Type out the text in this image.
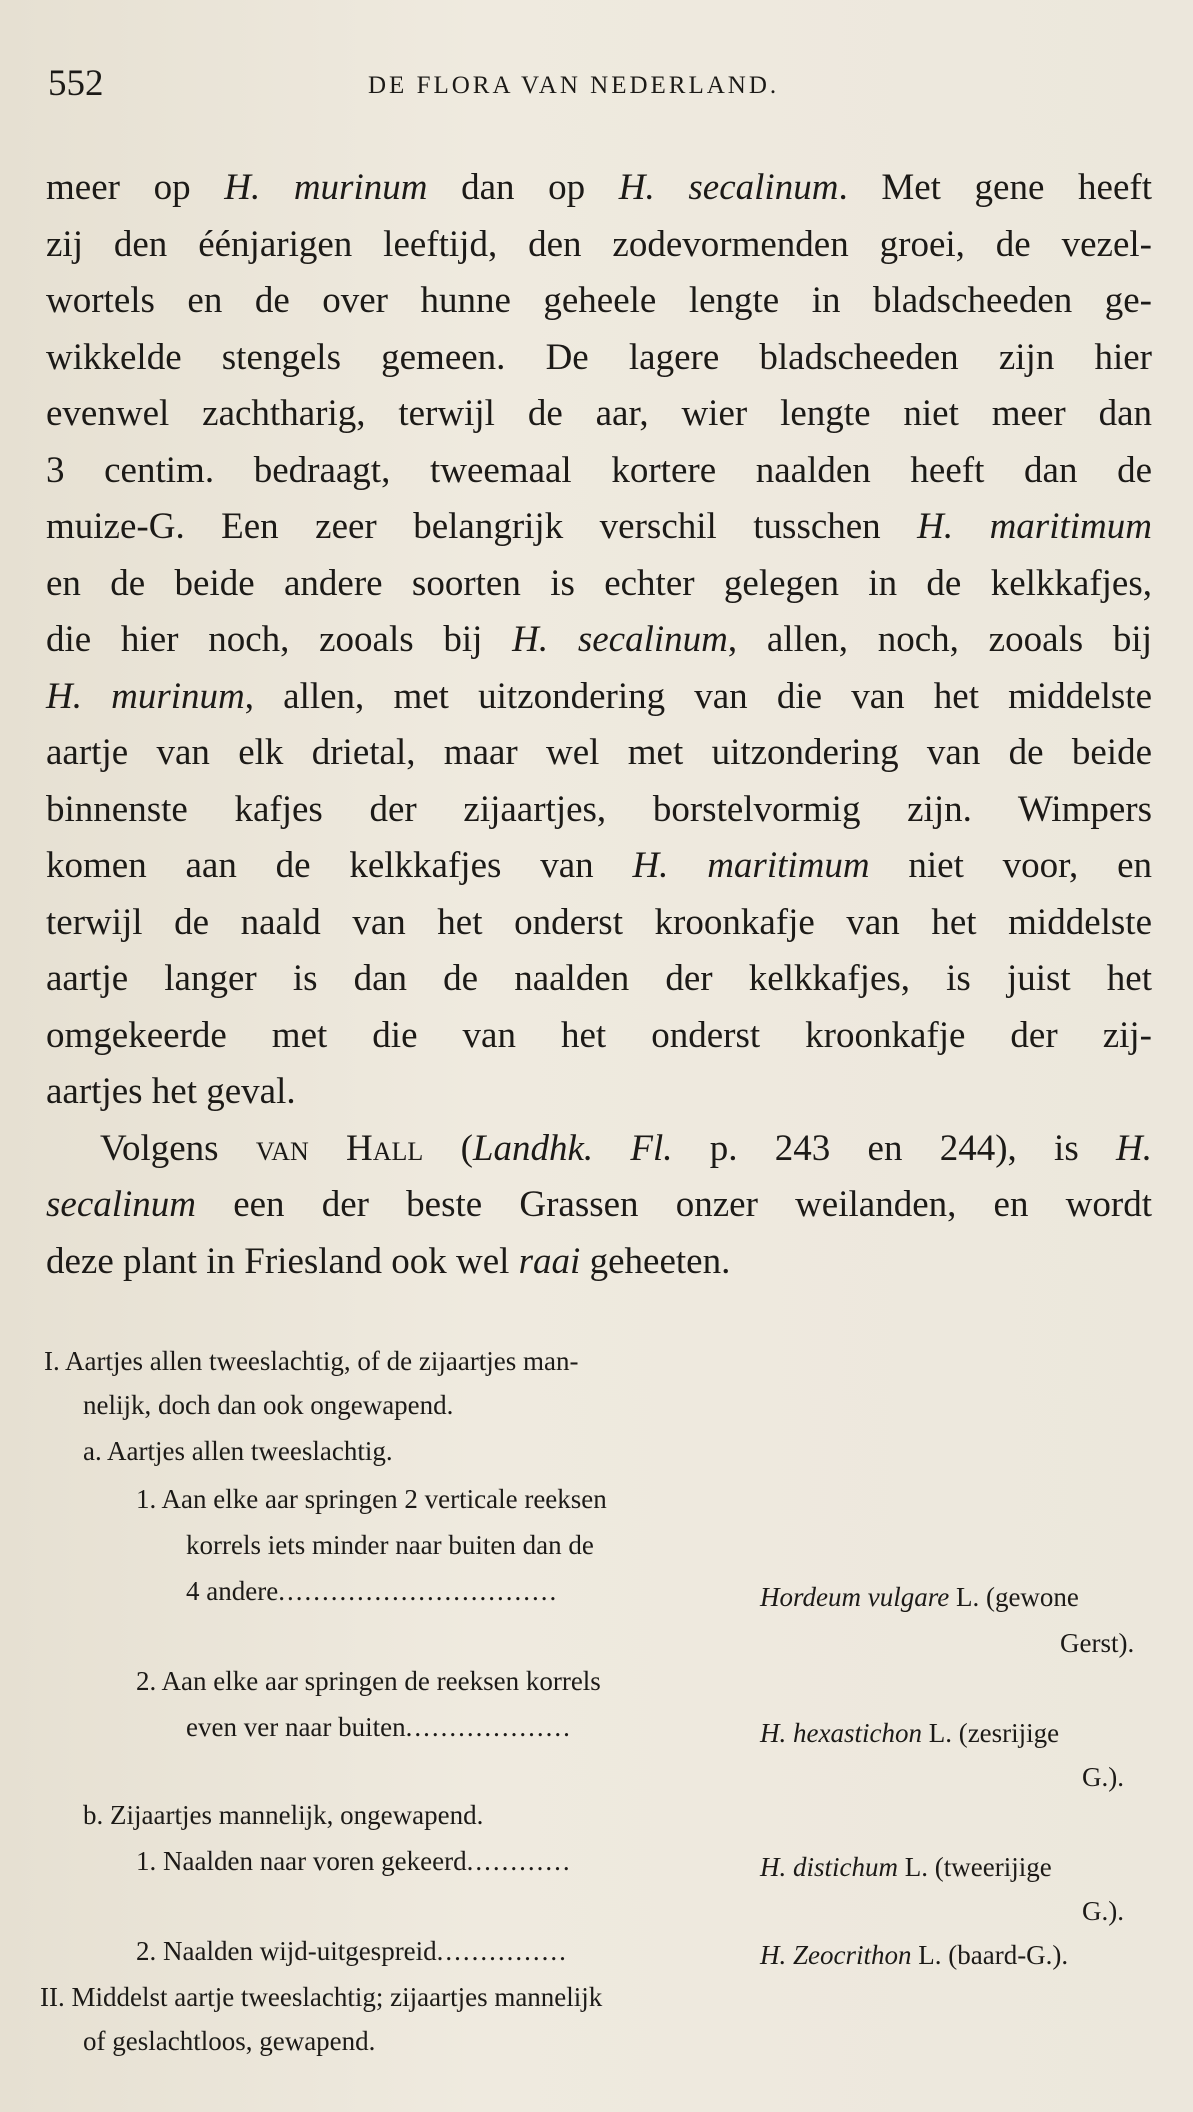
552	DE FLORA VAN NEDERLAND.
meer op H. murinum dan op H. secalinum. Met gene heeft
zij den éénjarigen leeftijd, den zodevormenden groei, de vezel-
wortels en de over hunne geheele lengte in bladscheeden ge-
wikkelde stengels gemeen. De lagere bladscheeden zijn hier
evenwel zachtharig, terwijl de aar, wier lengte niet meer dan
3 centim. bedraagt, tweemaal kortere naalden heeft dan de
muize-G. Een zeer belangrijk verschil tusschen H. maritimum
en de beide andere soorten is echter gelegen in de kelkkafjes,
die hier noch, zooals bij H. secalinum, allen, noch, zooals bij
H. murinum, allen, met uitzondering van die van het middelste
aartje van elk drietal, maar wel met uitzondering van de beide
binnenste kafjes der zijaartjes, borstelvormig zijn. Wimpers
komen aan de kelkkafjes van H. maritimum niet voor, en
terwijl de naald van het onderst kroonkafje van het middelste
aartje langer is dan de naalden der kelkkafjes, is juist het
omgekeerde met die van het onderst kroonkafje der zij-
aartjes het geval.
Volgens van Hall (Landhk. Fl. p. 243 en 244), is H.
secalinum een der beste Grassen onzer weilanden, en wordt
deze plant in Friesland ook wel raai geheeten.
I. Aartjes allen tweeslachtig, of de zijaartjes man-
nelijk, doch dan ook ongewapend.
a. Aartjes allen tweeslachtig.
1. Aan elke aar springen 2 verticale reeksen
korrels iets minder naar buiten dan de
4 andere................................	Hordeum vulgare L. (gewone
Gerst).
2. Aan elke aar springen de reeksen korrels
even ver naar buiten...................	H. hexastichon L. (zesrijige
G.).
b. Zijaartjes mannelijk, ongewapend.
1. Naalden naar voren gekeerd............	H. distichum L. (tweerijige
G.).
2. Naalden wijd-uitgespreid...............	H. Zeocrithon L. (baard-G.).
II. Middelst aartje tweeslachtig; zijaartjes mannelijk
of geslachtloos, gewapend.
